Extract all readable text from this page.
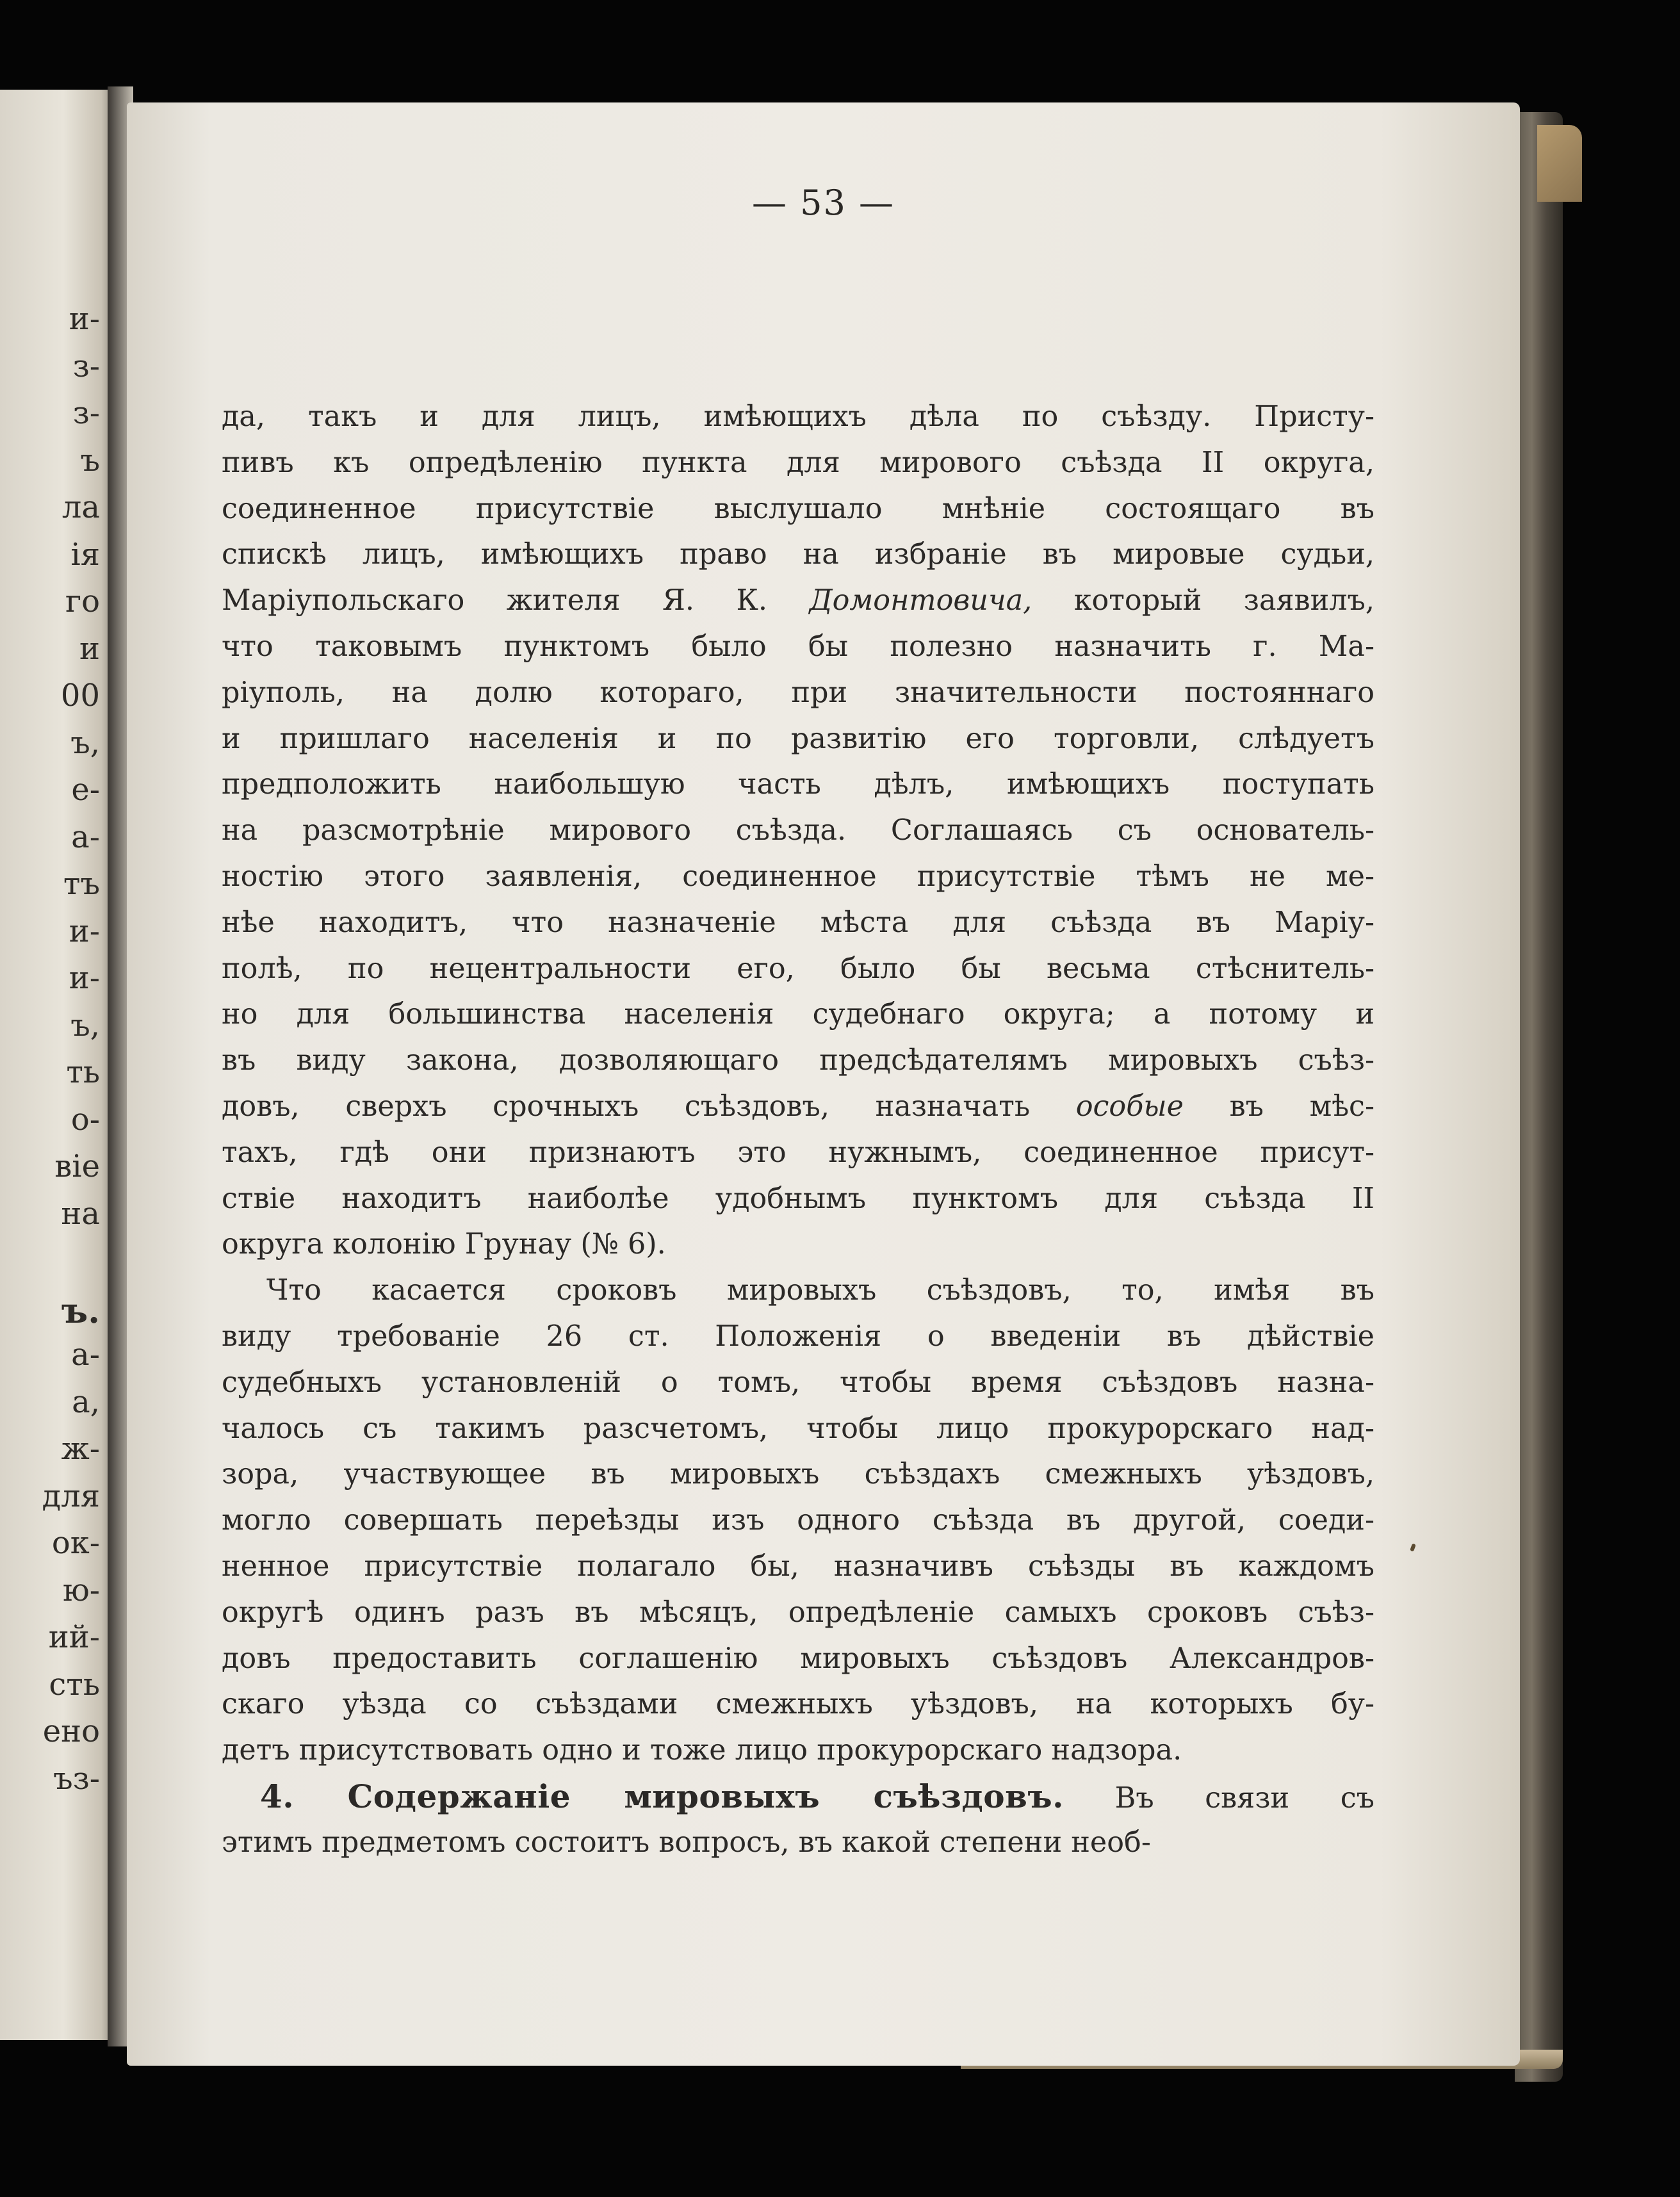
и-

з-

з-

ъ

ла

ія

го

и

00

ъ,

е-

а-

тъ

и-

и-

ъ,

ть

о-

віе

на

ъ.

а-

а,

ж-

для

ок-

ю-

ий-

сть

ено

ъз-

— 53 —
да, такъ и для лицъ, имѣющихъ дѣла по съѣзду. Присту-
пивъ къ опредѣленію пункта для мирового съѣзда II округа,
соединенное присутствіе выслушало мнѣніе состоящаго въ
спискѣ лицъ, имѣющихъ право на избраніе въ мировые судьи,
Маріупольскаго жителя Я. К. Домонтовича, который заявилъ,
что таковымъ пунктомъ было бы полезно назначить г. Ма-
ріуполь, на долю котораго, при значительности постояннаго
и пришлаго населенія и по развитію его торговли, слѣдуетъ
предположить наибольшую часть дѣлъ, имѣющихъ поступать
на разсмотрѣніе мирового съѣзда. Соглашаясь съ основатель-
ностію этого заявленія, соединенное присутствіе тѣмъ не ме-
нѣе находитъ, что назначеніе мѣста для съѣзда въ Маріу-
полѣ, по нецентральности его, было бы весьма стѣснитель-
но для большинства населенія судебнаго округа; а потому и
въ виду закона, дозволяющаго предсѣдателямъ мировыхъ съѣз-
довъ, сверхъ срочныхъ съѣздовъ, назначать особые въ мѣс-
тахъ, гдѣ они признаютъ это нужнымъ, соединенное присут-
ствіе находитъ наиболѣе удобнымъ пунктомъ для съѣзда II
округа колонію Грунау (№ 6).
Что касается сроковъ мировыхъ съѣздовъ, то, имѣя въ
виду требованіе 26 ст. Положенія о введеніи въ дѣйствіе
судебныхъ установленій о томъ, чтобы время съѣздовъ назна-
чалось съ такимъ разсчетомъ, чтобы лицо прокурорскаго над-
зора, участвующее въ мировыхъ съѣздахъ смежныхъ уѣздовъ,
могло совершать переѣзды изъ одного съѣзда въ другой, соеди-
ненное присутствіе полагало бы, назначивъ съѣзды въ каждомъ
округѣ одинъ разъ въ мѣсяцъ, опредѣленіе самыхъ сроковъ съѣз-
довъ предоставить соглашенію мировыхъ съѣздовъ Александров-
скаго уѣзда со съѣздами смежныхъ уѣздовъ, на которыхъ бу-
детъ присутствовать одно и тоже лицо прокурорскаго надзора.
4. Содержаніе мировыхъ съѣздовъ. Въ связи съ
этимъ предметомъ состоитъ вопросъ, въ какой степени необ-
